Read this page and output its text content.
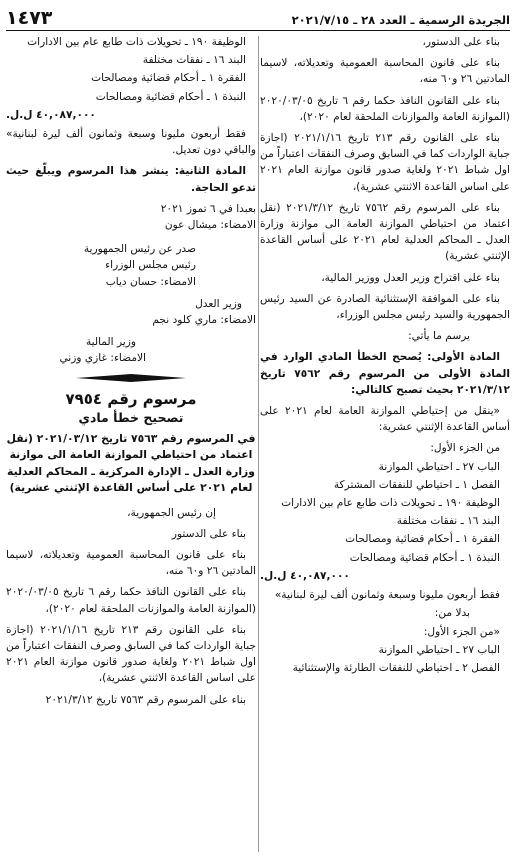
الجريدة الرسمية ـ العدد ٢٨ ـ ٢٠٢١/٧/١٥
١٤٧٣

بناء على الدستور،

بناء على قانون المحاسبة العمومية وتعديلاته، لاسيما المادتين ٢٦ و٦٠ منه،

بناء على القانون النافذ حكما رقم ٦ تاريخ ٢٠٢٠/٠٣/٠٥ (الموازنة العامة والموازنات الملحقة لعام ٢٠٢٠)،

بناء على القانون رقم ٢١٣ تاريخ ٢٠٢١/١/١٦ (اجازة جباية الواردات كما في السابق وصرف النفقات اعتباراً من اول شباط ٢٠٢١ ولغاية صدور قانون موازنة العام ٢٠٢١ على اساس القاعدة الاثنتي عشرية)،

بناء على المرسوم رقم ٧٥٦٢ تاريخ ٢٠٢١/٣/١٢ (نقل اعتماد من احتياطي الموازنة العامة الى موازنة وزارة العدل ـ المحاكم العدلية لعام ٢٠٢١ على أساس القاعدة الإثنتي عشرية)

بناء على اقتراح وزير العدل ووزير المالية،

بناء على الموافقة الإستثنائية الصادرة عن السيد رئيس الجمهورية والسيد رئيس مجلس الوزراء،

يرسم ما يأتي:

المادة الأولى: يُصحح الخطأ المادي الوارد في المادة الأولى من المرسوم رقم ٧٥٦٢ تاريخ ٢٠٢١/٣/١٢ بحيث تصبح كالتالي:

«ينقل من إحتياطي الموازنة العامة لعام ٢٠٢١ على أساس القاعدة الإثنتي عشرية:

من الجزء الأول:

الباب ٢٧ ـ احتياطي الموازنة

الفصل ١ ـ احتياطي للنفقات المشتركة

الوظيفة ١٩٠ ـ تحويلات ذات طابع عام بين الادارات

البند ١٦ ـ نفقات مختلفة

الفقرة ١ ـ أحكام قضائية ومصالحات

النبذة ١ ـ أحكام قضائية ومصالحات

٤٠,٠٨٧,٠٠٠ ل.ل.

فقط أربعون مليونا وسبعة وثمانون ألف ليرة لبنانية»

بدلا من:

«من الجزء الأول:

الباب ٢٧ ـ احتياطي الموازنة

الفصل ٢ ـ احتياطي للنفقات الطارئة والإستثنائية

الوظيفة ١٩٠ ـ تحويلات ذات طابع عام بين الادارات

البند ١٦ ـ نفقات مختلفة

الفقرة ١ ـ أحكام قضائية ومصالحات

النبذة ١ ـ أحكام قضائية ومصالحات

٤٠,٠٨٧,٠٠٠ ل.ل.

فقط أربعون مليونا وسبعة وثمانون ألف ليرة لبنانية» والباقي دون تعديل.

المادة الثانية: ينشر هذا المرسوم ويبلّغ حيث تدعو الحاجة.

بعبدا في ٦ تموز ٢٠٢١

الامضاء: ميشال عون

صدر عن رئيس الجمهورية

رئيس مجلس الوزراء

الامضاء: حسان دياب

وزير العدل

الامضاء: ماري كلود نجم

وزير المالية

الامضاء: غازي وزني

مرسوم رقم ٧٩٥٤

تصحيح خطأ مادي

في المرسوم رقم ٧٥٦٣ تاريخ ٢٠٢١/٠٣/١٢ (نقل اعتماد من احتياطي الموازنة العامة الى موازنة وزارة العدل ـ الإدارة المركزية ـ المحاكم العدلية لعام ٢٠٢١ على أساس القاعدة الإثنتي عشرية)

إن رئيس الجمهورية،

بناء على الدستور

بناء على قانون المحاسبة العمومية وتعديلاته، لاسيما المادتين ٢٦ و٦٠ منه،

بناء على القانون النافذ حكما رقم ٦ تاريخ ٢٠٢٠/٠٣/٠٥ (الموازنة العامة والموازنات الملحقة لعام ٢٠٢٠)،

بناء على القانون رقم ٢١٣ تاريخ ٢٠٢١/١/١٦ (اجازة جباية الواردات كما في السابق وصرف النفقات اعتباراً من اول شباط ٢٠٢١ ولغاية صدور قانون موازنة العام ٢٠٢١ على اساس القاعدة الاثنتي عشرية)،

بناء على المرسوم رقم ٧٥٦٣ تاريخ ٢٠٢١/٣/١٢
